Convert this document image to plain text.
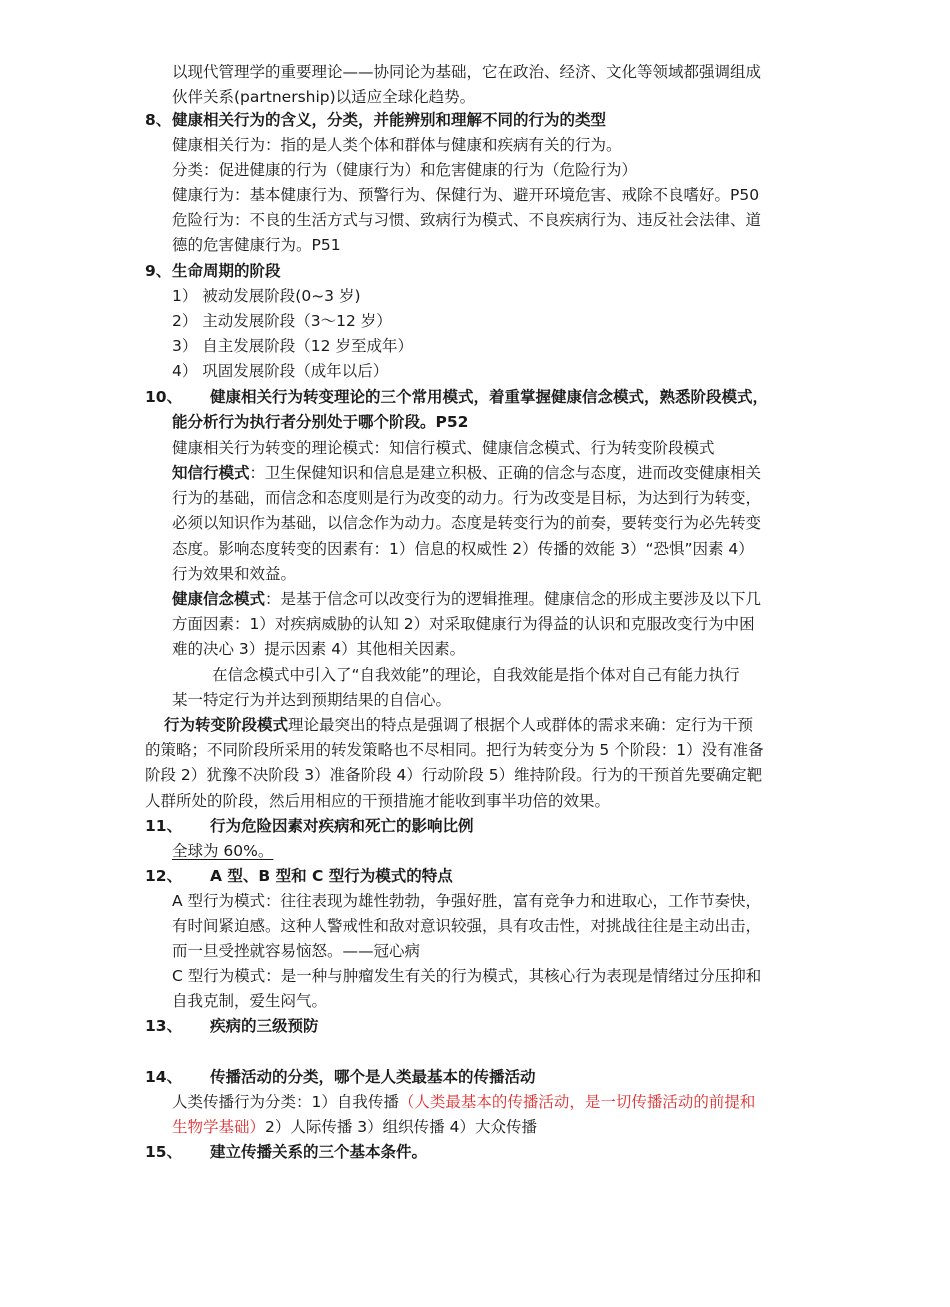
以现代管理学的重要理论——协同论为基础，它在政治、经济、文化等领域都强调组成
伙伴关系(partnership)以适应全球化趋势。
8、 健康相关行为的含义，分类，并能辨别和理解不同的行为的类型
健康相关行为：指的是人类个体和群体与健康和疾病有关的行为。
分类：促进健康的行为（健康行为）和危害健康的行为（危险行为）
健康行为：基本健康行为、预警行为、保健行为、避开环境危害、戒除不良嗜好。P50
危险行为：不良的生活方式与习惯、致病行为模式、不良疾病行为、违反社会法律、道
德的危害健康行为。P51
9、 生命周期的阶段
1） 被动发展阶段(0~3 岁)
2） 主动发展阶段（3～12 岁）
3） 自主发展阶段（12 岁至成年）
4） 巩固发展阶段（成年以后）
10、 健康相关行为转变理论的三个常用模式，着重掌握健康信念模式，熟悉阶段模式，
能分析行为执行者分别处于哪个阶段。P52
健康相关行为转变的理论模式：知信行模式、健康信念模式、行为转变阶段模式
知信行模式：卫生保健知识和信息是建立积极、正确的信念与态度，进而改变健康相关
行为的基础，而信念和态度则是行为改变的动力。行为改变是目标，为达到行为转变，
必须以知识作为基础，以信念作为动力。态度是转变行为的前奏，要转变行为必先转变
态度。影响态度转变的因素有：1）信息的权威性 2）传播的效能 3）“恐惧”因素 4）
行为效果和效益。
健康信念模式：是基于信念可以改变行为的逻辑推理。健康信念的形成主要涉及以下几
方面因素：1）对疾病威胁的认知 2）对采取健康行为得益的认识和克服改变行为中困
难的决心 3）提示因素 4）其他相关因素。
在信念模式中引入了“自我效能”的理论，自我效能是指个体对自己有能力执行
某一特定行为并达到预期结果的自信心。
行为转变阶段模式理论最突出的特点是强调了根据个人或群体的需求来确：定行为干预
的策略；不同阶段所采用的转发策略也不尽相同。把行为转变分为 5 个阶段：1）没有准备
阶段 2）犹豫不决阶段 3）准备阶段 4）行动阶段 5）维持阶段。行为的干预首先要确定靶
人群所处的阶段，然后用相应的干预措施才能收到事半功倍的效果。
11、 行为危险因素对疾病和死亡的影响比例
全球为 60%。
12、 A 型、B 型和 C 型行为模式的特点
A 型行为模式：往往表现为雄性勃勃，争强好胜，富有竞争力和进取心，工作节奏快，
有时间紧迫感。这种人警戒性和敌对意识较强，具有攻击性，对挑战往往是主动出击，
而一旦受挫就容易恼怒。——冠心病
C 型行为模式：是一种与肿瘤发生有关的行为模式，其核心行为表现是情绪过分压抑和
自我克制，爱生闷气。
13、 疾病的三级预防
14、 传播活动的分类，哪个是人类最基本的传播活动
人类传播行为分类：1）自我传播（人类最基本的传播活动，是一切传播活动的前提和
生物学基础）2）人际传播 3）组织传播 4）大众传播
15、 建立传播关系的三个基本条件。
